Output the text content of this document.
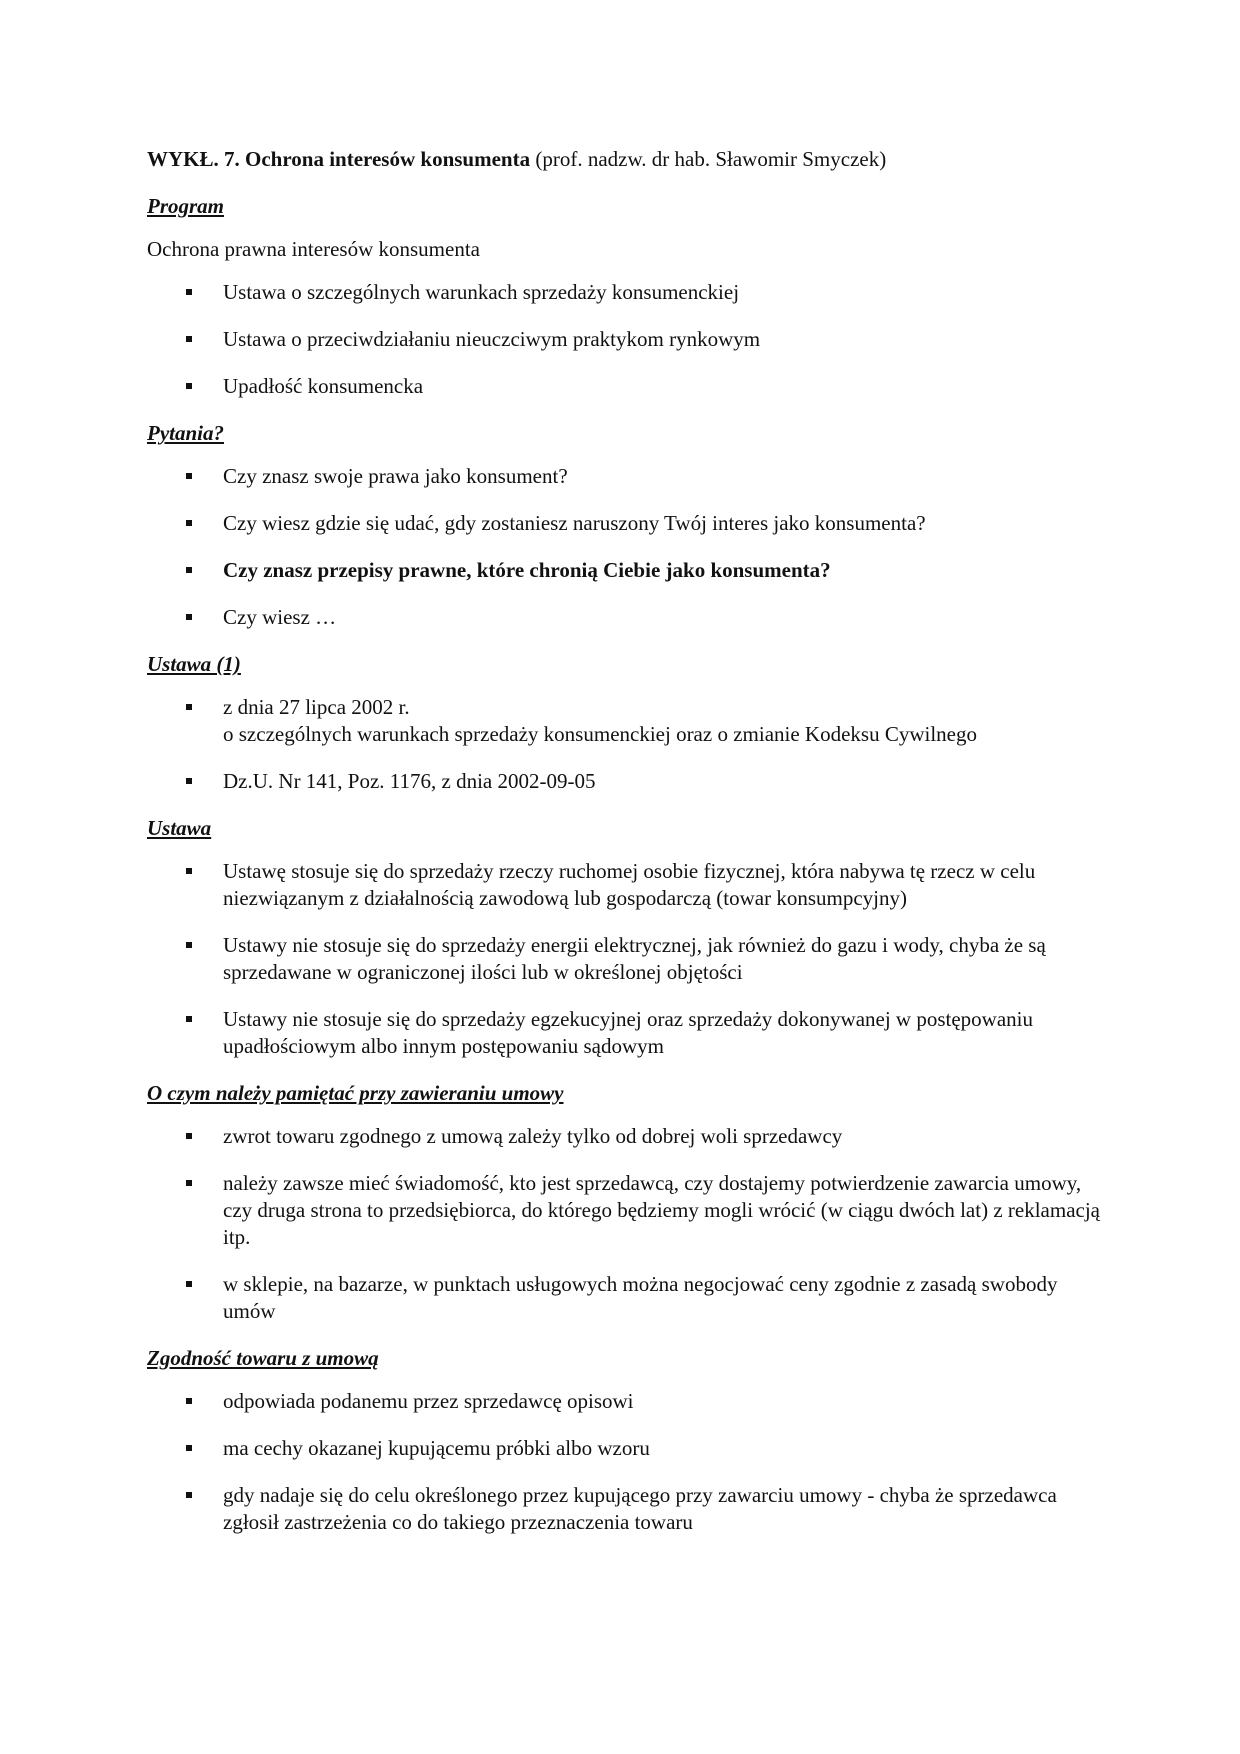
WYKŁ. 7. Ochrona interesów konsumenta (prof. nadzw. dr hab. Sławomir Smyczek)

Program

Ochrona prawna interesów konsumenta

Ustawa o szczególnych warunkach sprzedaży konsumenckiej
Ustawa o przeciwdziałaniu nieuczciwym praktykom rynkowym
Upadłość konsumencka

Pytania?

Czy znasz swoje prawa jako konsument?
Czy wiesz gdzie się udać, gdy zostaniesz naruszony Twój interes jako konsumenta?
Czy znasz przepisy prawne, które chronią Ciebie jako konsumenta?
Czy wiesz …

Ustawa (1)

z dnia 27 lipca 2002 r.
o szczególnych warunkach sprzedaży konsumenckiej oraz o zmianie Kodeksu Cywilnego
Dz.U. Nr 141, Poz. 1176, z dnia 2002-09-05

Ustawa

Ustawę stosuje się do sprzedaży rzeczy ruchomej osobie fizycznej, która nabywa tę rzecz w celu niezwiązanym z działalnością zawodową lub gospodarczą (towar konsumpcyjny)
Ustawy nie stosuje się do sprzedaży energii elektrycznej, jak również do gazu i wody, chyba że są sprzedawane w ograniczonej ilości lub w określonej objętości
Ustawy nie stosuje się do sprzedaży egzekucyjnej oraz sprzedaży dokonywanej w postępowaniu upadłościowym albo innym postępowaniu sądowym

O czym należy pamiętać przy zawieraniu umowy

zwrot towaru zgodnego z umową zależy tylko od dobrej woli sprzedawcy
należy zawsze mieć świadomość, kto jest sprzedawcą, czy dostajemy potwierdzenie zawarcia umowy, czy druga strona to przedsiębiorca, do którego będziemy mogli wrócić (w ciągu dwóch lat) z reklamacją itp.
w sklepie, na bazarze, w punktach usługowych można negocjować ceny zgodnie z zasadą swobody umów

Zgodność towaru z umową

odpowiada podanemu przez sprzedawcę opisowi
ma cechy okazanej kupującemu próbki albo wzoru
gdy nadaje się do celu określonego przez kupującego przy zawarciu umowy - chyba że sprzedawca zgłosił zastrzeżenia co do takiego przeznaczenia towaru
